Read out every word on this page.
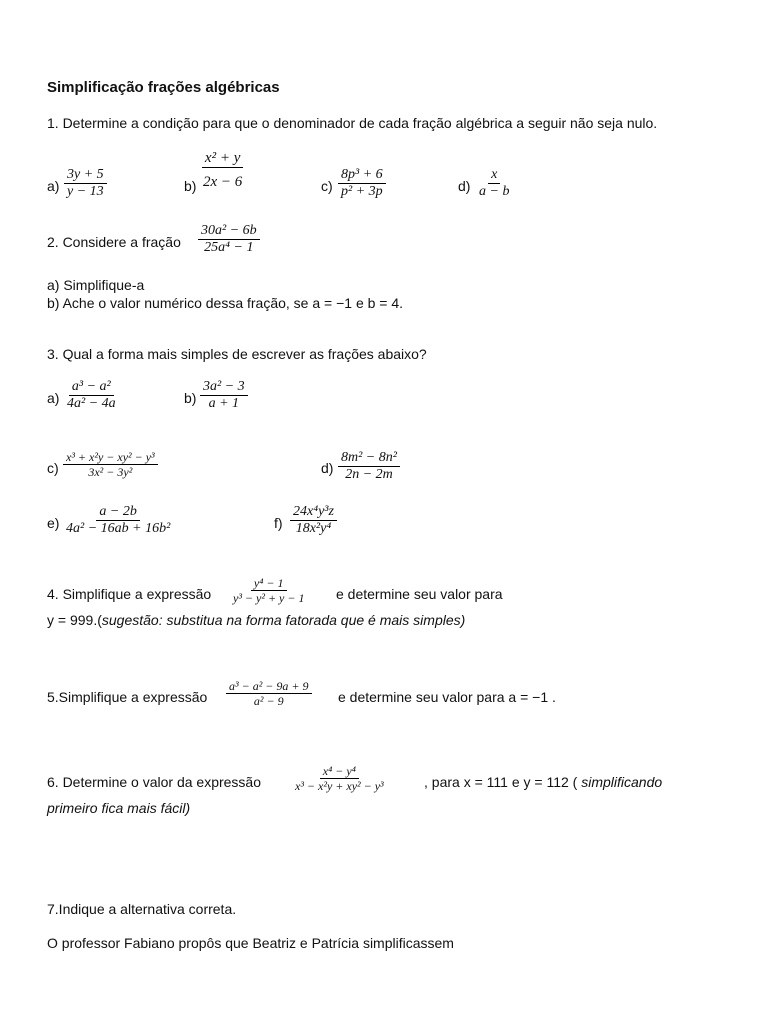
Simplificação frações algébricas
1. Determine a condição para que o denominador de cada fração algébrica a seguir não seja nulo.
$a) \frac{3y + 5}{y - 13}$	$b) \frac{\text{x² + y}}{2x - 6}$	$c) \frac{\text{8p³ + 6}}{\text{p² + 3p}}$	$d) \frac{x}{a - b}$
2. Considere a fração $\frac{\text{30a² − 6b}}{\text{25a⁴ − 1}}$
a) Simplifique-a
b) Ache o valor numérico dessa fração, se a = −1 e b = 4.
3. Qual a forma mais simples de escrever as frações abaixo?
$a) \frac{\text{a³ − a²}}{\text{4a² − 4a}}$	$b) \frac{\text{3a² − 3}}{a + 1}$
$c) \frac{\text{x³ + x²y − xy² − y³}}{\text{3x² − 3y²}}$	$d) \frac{\text{8m² − 8n²}}{2n - 2m}$
$e) \frac{a - 2b}{\text{4a² − 16ab + 16b²}}$	$f) \frac{\text{24x⁴y³z}}{\text{18x²y⁴}}$
4. Simplifique a expressão $\frac{\text{y⁴ − 1}}{\text{y³ − y² + y − 1}}$ e determine seu valor para
y = 999.(sugestão: substitua na forma fatorada que é mais simples)
5.Simplifique a expressão $\frac{\text{a³ − a² − 9a + 9}}{\text{a² − 9}}$ e determine seu valor para a = −1 .
6. Determine o valor da expressão	$\frac{\text{x⁴ − y⁴}}{\text{x³ − x²y + xy² − y³}}$	, para x = 111 e y = 112 ( simplificando
primeiro fica mais fácil)
7.Indique a alternativa correta.
O professor Fabiano propôs que Beatriz e Patrícia simplificassem
